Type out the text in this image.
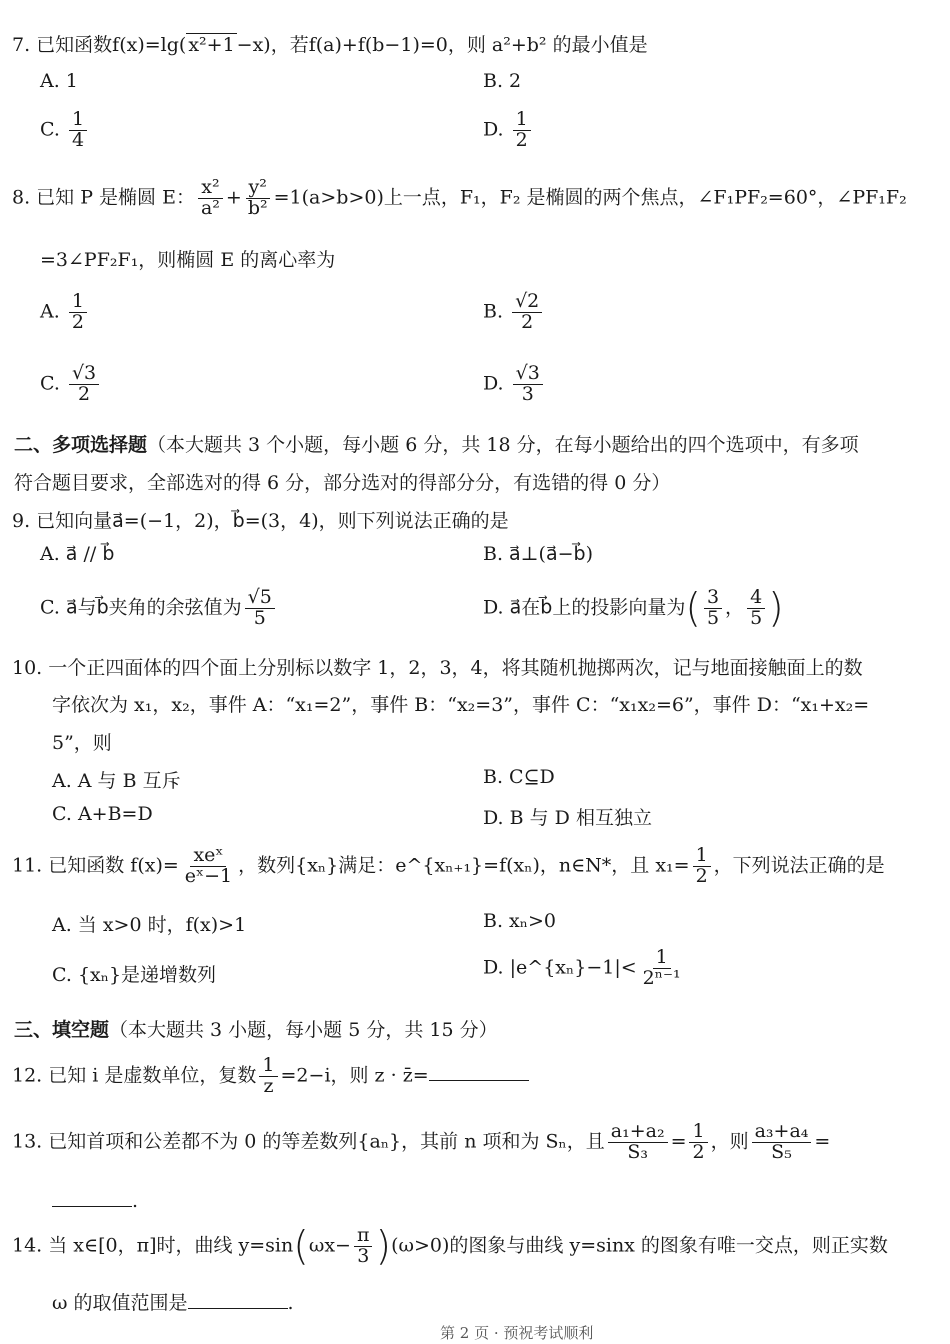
7. 已知函数f(x)=lg( x²+1 −x)，若f(a)+f(b−1)=0，则 a²+b² 的最小值是
A. 1	B. 2
C. $\frac{1}{4}$	D. $\frac{1}{2}$
8. 已知 P 是椭圆 E： $\frac{\text{x²}}{\text{a²}} + \frac{\text{y²}}{\text{b²}} =1(a>b>0)$上一点，F₁，F₂ 是椭圆的两个焦点，∠F₁PF₂=60°，∠PF₁F₂
=3∠PF₂F₁，则椭圆 E 的离心率为
A. $\frac{1}{2}$	B. $\frac{√2}{2}$
C. $\frac{√3}{2}$	D. $\frac{√3}{3}$
二、多项选择题（本大题共 3 个小题，每小题 6 分，共 18 分，在每小题给出的四个选项中，有多项
符合题目要求，全部选对的得 6 分，部分选对的得部分分，有选错的得 0 分）
9. 已知向量a⃗=(−1，2)，b⃗=(3，4)，则下列说法正确的是
A. a⃗ // b⃗	B. a⃗⊥(a⃗−b⃗)
C. a⃗与b⃗夹角的余弦值为 $\frac{√5}{5}$	D. a⃗在b⃗上的投影向量为( $\frac{3}{5}$ ， $\frac{4}{5}$ )
10. 一个正四面体的四个面上分别标以数字 1，2，3，4，将其随机抛掷两次，记与地面接触面上的数
字依次为 x₁，x₂，事件 A：“x₁=2”，事件 B：“x₂=3”，事件 C：“x₁x₂=6”，事件 D：“x₁+x₂=
5”，则
A. A 与 B 互斥	B. C⊆D
C. A+B=D	D. B 与 D 相互独立
11. 已知函数 $f(x)= \frac{\text{xeˣ}}{\text{eˣ−1}}$ ，数列{xₙ}满足：e^{xₙ₊₁}=f(xₙ)，n∈N*，且 $x_1= \frac{1}{2}$ ，下列说法正确的是
A. 当 x>0 时，f(x)>1	B. xₙ>0
C. {xₙ}是递增数列	D. |e^{xₙ}−1|< $\frac{1}{\text{2ⁿ⁻¹}}$
三、填空题（本大题共 3 小题，每小题 5 分，共 15 分）
12. 已知 i 是虚数单位，复数 $\frac{1}{z} =2-i$，则 z · z̄=
13. 已知首项和公差都不为 0 的等差数列{aₙ}，其前 n 项和为 Sₙ，且 $\frac{\text{a₁+a₂}}{\text{S₃}} = \frac{1}{2}$ ，则 $\frac{\text{a₃+a₄}}{\text{S₅}}$ =
.
14. 当 x∈[0，π]时，曲线 $y=\sin(\omega x- \frac{\pi}{3} )(\omega>0)$的图象与曲线 y=sinx 的图象有唯一交点，则正实数
ω 的取值范围是	.
第 2 页 · 预祝考试顺利
